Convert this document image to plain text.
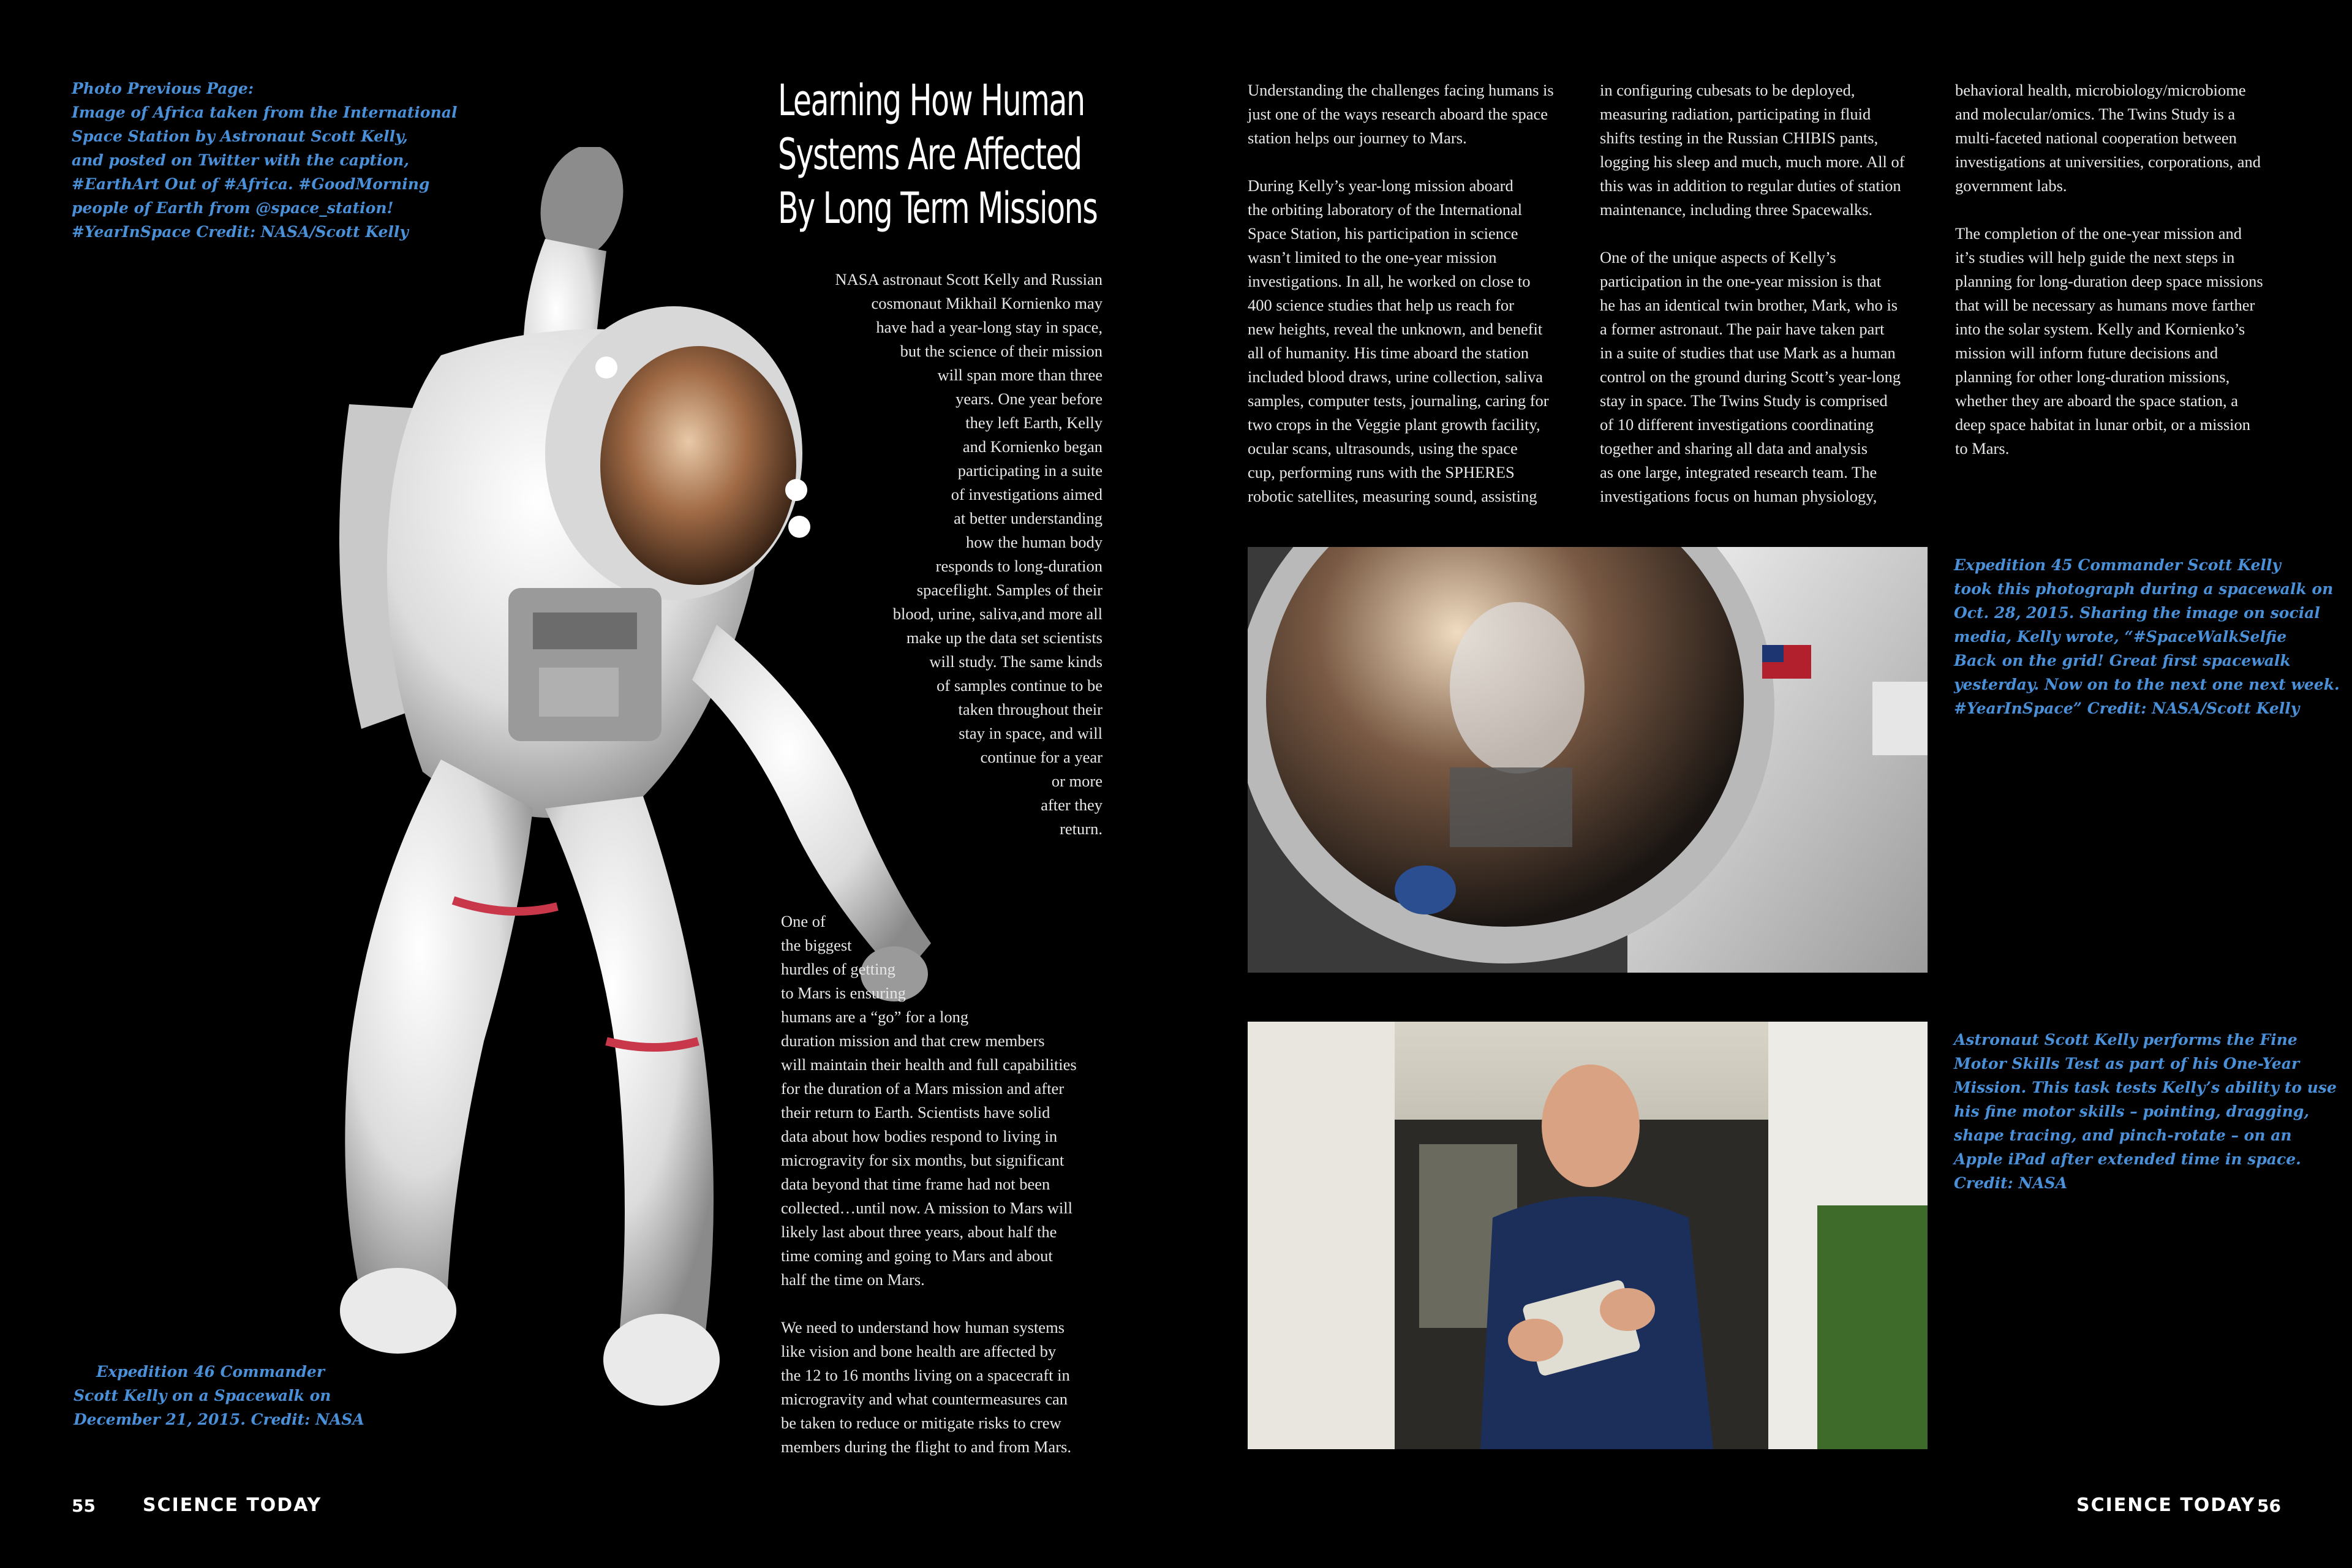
Photo Previous Page:
Image of Africa taken from the International
Space Station by Astronaut Scott Kelly,
and posted on Twitter with the caption,
#EarthArt Out of #Africa. #GoodMorning
people of Earth from @space_station!
#YearInSpace Credit: NASA/Scott Kelly
Expedition 46 Commander
Scott Kelly on a Spacewalk on
December 21, 2015. Credit: NASA
Learning How Human
Systems Are Affected
By Long Term Missions
NASA astronaut Scott Kelly and Russian
cosmonaut Mikhail Kornienko may
have had a year-long stay in space,
but the science of their mission
will span more than three
years. One year before
they left Earth, Kelly
and Kornienko began
participating in a suite
of investigations aimed
at better understanding
how the human body
responds to long-duration
spaceflight. Samples of their
blood, urine, saliva,and more all
make up the data set scientists
will study. The same kinds
of samples continue to be
taken throughout their
stay in space, and will
continue for a year
or more
after they
return.
One of
the biggest
hurdles of getting
to Mars is ensuring
humans are a “go” for a long
duration mission and that crew members
will maintain their health and full capabilities
for the duration of a Mars mission and after
their return to Earth. Scientists have solid
data about how bodies respond to living in
microgravity for six months, but significant
data beyond that time frame had not been
collected…until now. A mission to Mars will
likely last about three years, about half the
time coming and going to Mars and about
half the time on Mars.
We need to understand how human systems
like vision and bone health are affected by
the 12 to 16 months living on a spacecraft in
microgravity and what countermeasures can
be taken to reduce or mitigate risks to crew
members during the flight to and from Mars.
Understanding the challenges facing humans is
just one of the ways research aboard the space
station helps our journey to Mars.
During Kelly’s year-long mission aboard
the orbiting laboratory of the International
Space Station, his participation in science
wasn’t limited to the one-year mission
investigations. In all, he worked on close to
400 science studies that help us reach for
new heights, reveal the unknown, and benefit
all of humanity. His time aboard the station
included blood draws, urine collection, saliva
samples, computer tests, journaling, caring for
two crops in the Veggie plant growth facility,
ocular scans, ultrasounds, using the space
cup, performing runs with the SPHERES
robotic satellites, measuring sound, assisting
in configuring cubesats to be deployed,
measuring radiation, participating in fluid
shifts testing in the Russian CHIBIS pants,
logging his sleep and much, much more. All of
this was in addition to regular duties of station
maintenance, including three Spacewalks.
One of the unique aspects of Kelly’s
participation in the one-year mission is that
he has an identical twin brother, Mark, who is
a former astronaut. The pair have taken part
in a suite of studies that use Mark as a human
control on the ground during Scott’s year-long
stay in space. The Twins Study is comprised
of 10 different investigations coordinating
together and sharing all data and analysis
as one large, integrated research team. The
investigations focus on human physiology,
behavioral health, microbiology/microbiome
and molecular/omics. The Twins Study is a
multi-faceted national cooperation between
investigations at universities, corporations, and
government labs.
The completion of the one-year mission and
it’s studies will help guide the next steps in
planning for long-duration deep space missions
that will be necessary as humans move farther
into the solar system. Kelly and Kornienko’s
mission will inform future decisions and
planning for other long-duration missions,
whether they are aboard the space station, a
deep space habitat in lunar orbit, or a mission
to Mars.
Expedition 45 Commander Scott Kelly
took this photograph during a spacewalk on
Oct. 28, 2015. Sharing the image on social
media, Kelly wrote, “#SpaceWalkSelfie
Back on the grid! Great first spacewalk
yesterday. Now on to the next one next week.
#YearInSpace” Credit: NASA/Scott Kelly
Astronaut Scott Kelly performs the Fine
Motor Skills Test as part of his One-Year
Mission. This task tests Kelly’s ability to use
his fine motor skills – pointing, dragging,
shape tracing, and pinch-rotate – on an
Apple iPad after extended time in space.
Credit: NASA
55	SCIENCE TODAY	SCIENCE TODAY 56
